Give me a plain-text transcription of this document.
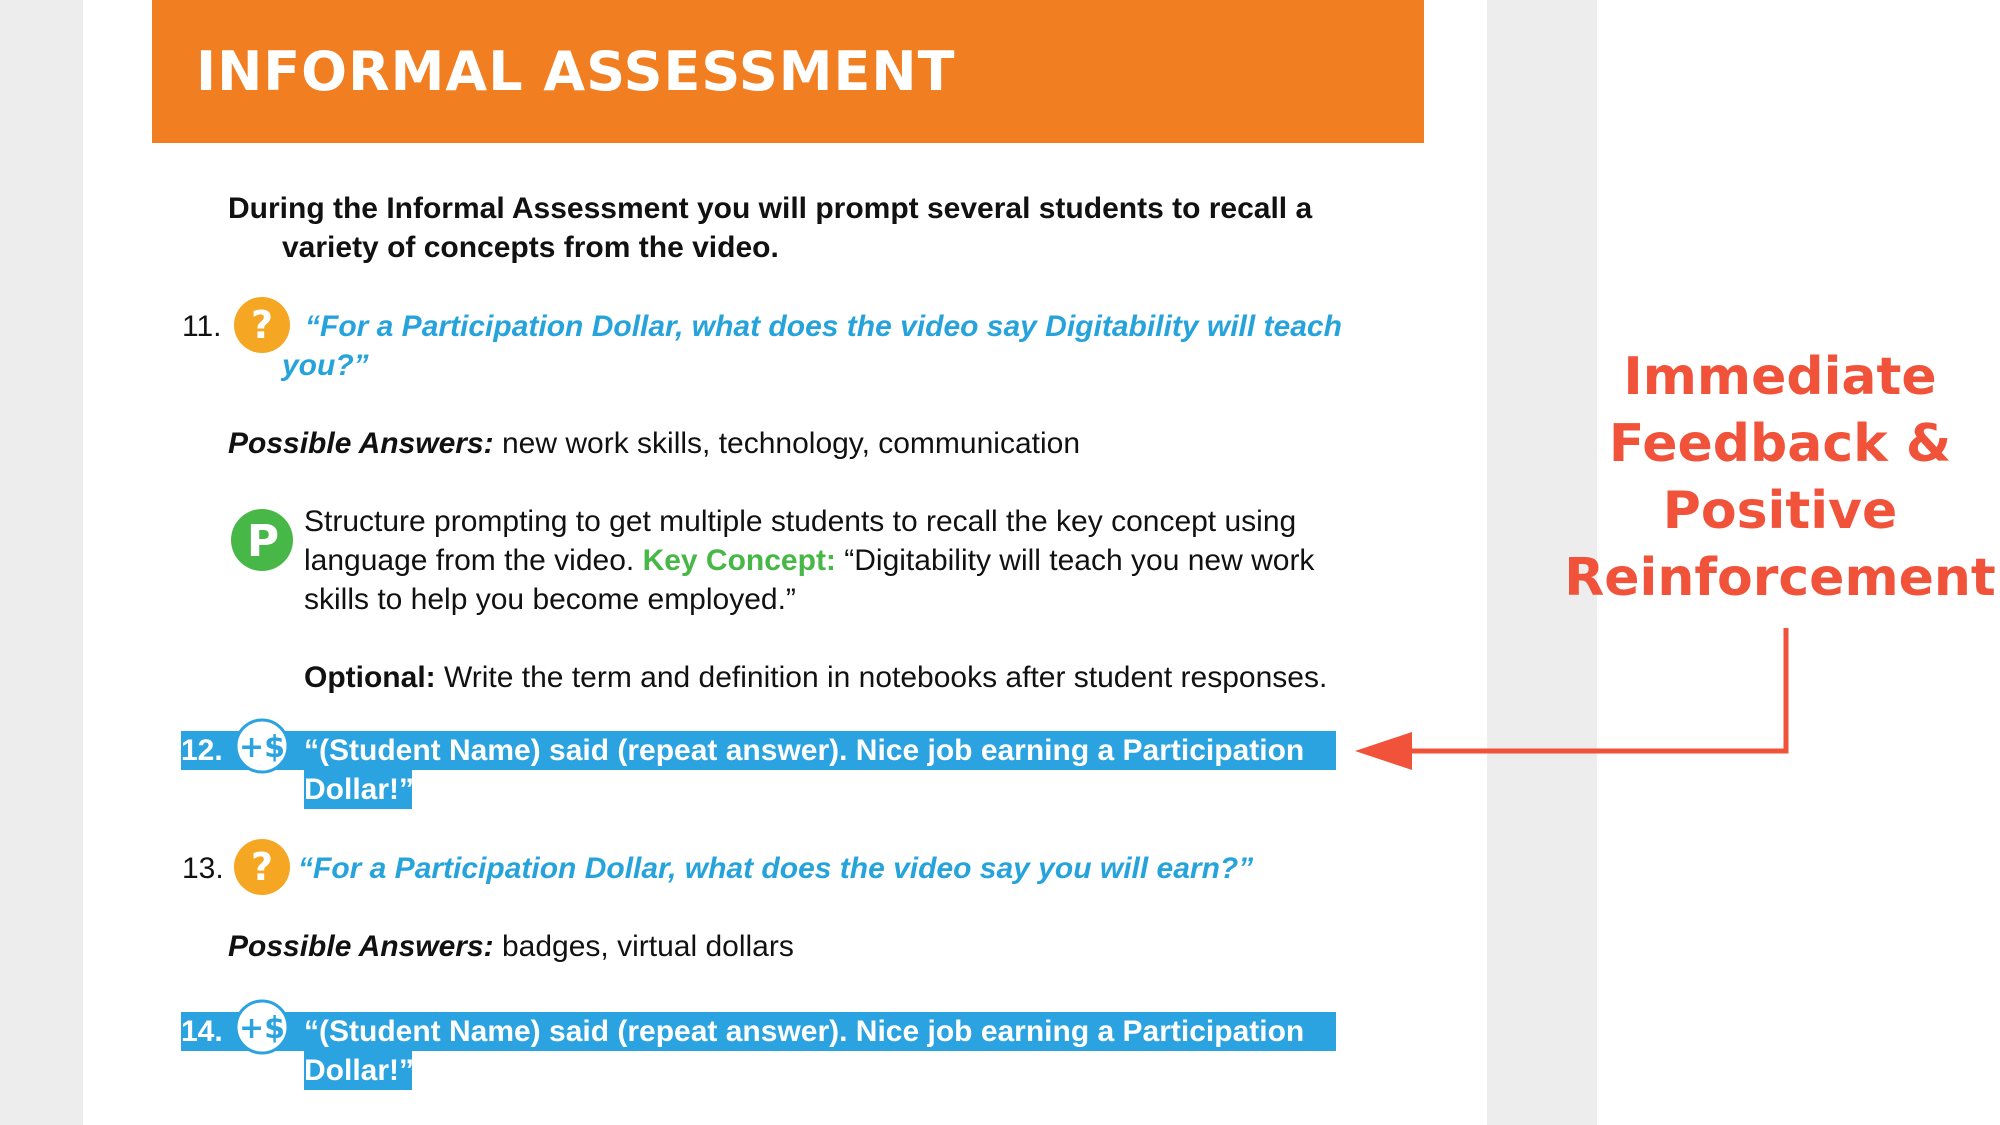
INFORMAL ASSESSMENT
During the Informal Assessment you will prompt several students to recall a
variety of concepts from the video.
11. ? “For a Participation Dollar, what does the video say Digitability will teach
you?”
Possible Answers: new work skills, technology, communication
P Structure prompting to get multiple students to recall the key concept using
language from the video. Key Concept: “Digitability will teach you new work
skills to help you become employed.”
Optional: Write the term and definition in notebooks after student responses.
12. +$ “(Student Name) said (repeat answer). Nice job earning a Participation
Dollar!”
13. ? “For a Participation Dollar, what does the video say you will earn?”
Possible Answers: badges, virtual dollars
14. +$ “(Student Name) said (repeat answer). Nice job earning a Participation
Dollar!”
Immediate
Feedback &
Positive
Reinforcement
